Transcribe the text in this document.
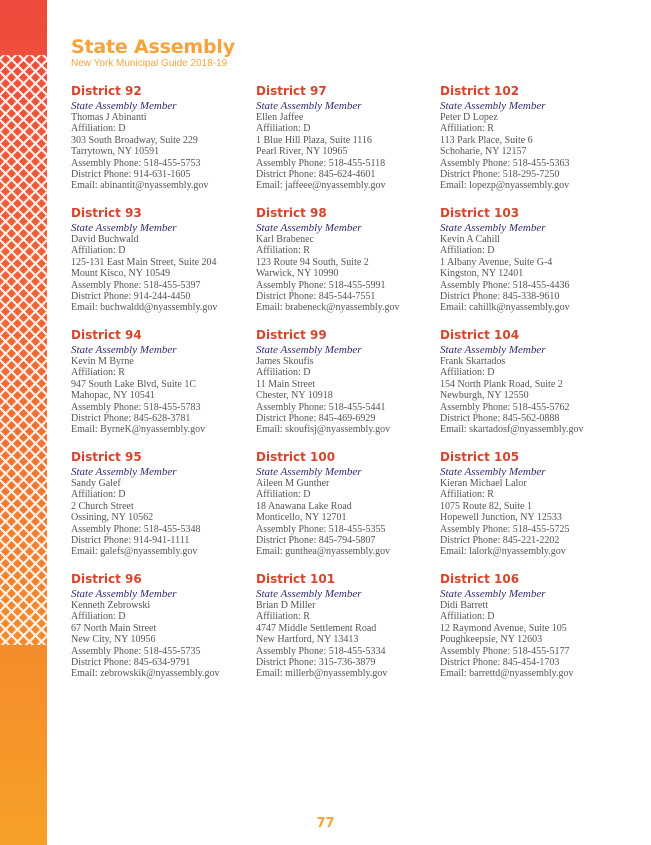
State Assembly
New York Municipal Guide 2018-19
District 92
State Assembly Member
Thomas J Abinanti
Affiliation: D
303 South Broadway, Suite 229
Tarrytown, NY 10591
Assembly Phone: 518-455-5753
District Phone: 914-631-1605
Email: abinantit@nyassembly.gov
District 93
State Assembly Member
David Buchwald
Affiliation: D
125-131 East Main Street, Suite 204
Mount Kisco, NY 10549
Assembly Phone: 518-455-5397
District Phone: 914-244-4450
Email: buchwaldd@nyassembly.gov
District 94
State Assembly Member
Kevin M Byrne
Affiliation: R
947 South Lake Blvd, Suite 1C
Mahopac, NY 10541
Assembly Phone: 518-455-5783
District Phone: 845-628-3781
Email: ByrneK@nyassembly.gov
District 95
State Assembly Member
Sandy Galef
Affiliation: D
2 Church Street
Ossining, NY 10562
Assembly Phone: 518-455-5348
District Phone: 914-941-1111
Email: galefs@nyassembly.gov
District 96
State Assembly Member
Kenneth Zebrowski
Affiliation: D
67 North Main Street
New City, NY 10956
Assembly Phone: 518-455-5735
District Phone: 845-634-9791
Email: zebrowskik@nyassembly.gov
District 97
State Assembly Member
Ellen Jaffee
Affiliation: D
1 Blue Hill Plaza, Suite 1116
Pearl River, NY 10965
Assembly Phone: 518-455-5118
District Phone: 845-624-4601
Email: jaffeee@nyassembly.gov
District 98
State Assembly Member
Karl Brabenec
Affiliation: R
123 Route 94 South, Suite 2
Warwick, NY 10990
Assembly Phone: 518-455-5991
District Phone: 845-544-7551
Email: brabeneck@nyassembly.gov
District 99
State Assembly Member
James Skoufis
Affiliation: D
11 Main Street
Chester, NY 10918
Assembly Phone: 518-455-5441
District Phone: 845-469-6929
Email: skoufisj@nyassembly.gov
District 100
State Assembly Member
Aileen M Gunther
Affiliation: D
18 Anawana Lake Road
Monticello, NY 12701
Assembly Phone: 518-455-5355
District Phone: 845-794-5807
Email: gunthea@nyassembly.gov
District 101
State Assembly Member
Brian D Miller
Affiliation: R
4747 Middle Settlement Road
New Hartford, NY 13413
Assembly Phone: 518-455-5334
District Phone: 315-736-3879
Email: millerb@nyassembly.gov
District 102
State Assembly Member
Peter D Lopez
Affiliation: R
113 Park Place, Suite 6
Schoharie, NY 12157
Assembly Phone: 518-455-5363
District Phone: 518-295-7250
Email: lopezp@nyassembly.gov
District 103
State Assembly Member
Kevin A Cahill
Affiliation: D
1 Albany Avenue, Suite G-4
Kingston, NY 12401
Assembly Phone: 518-455-4436
District Phone: 845-338-9610
Email: cahillk@nyassembly.gov
District 104
State Assembly Member
Frank Skartados
Affiliation: D
154 North Plank Road, Suite 2
Newburgh, NY 12550
Assembly Phone: 518-455-5762
District Phone: 845-562-0888
Email: skartadosf@nyassembly.gov
District 105
State Assembly Member
Kieran Michael Lalor
Affiliation: R
1075 Route 82, Suite 1
Hopewell Junction, NY 12533
Assembly Phone: 518-455-5725
District Phone: 845-221-2202
Email: lalork@nyassembly.gov
District 106
State Assembly Member
Didi Barrett
Affiliation: D
12 Raymond Avenue, Suite 105
Poughkeepsie, NY 12603
Assembly Phone: 518-455-5177
District Phone: 845-454-1703
Email: barrettd@nyassembly.gov
77
